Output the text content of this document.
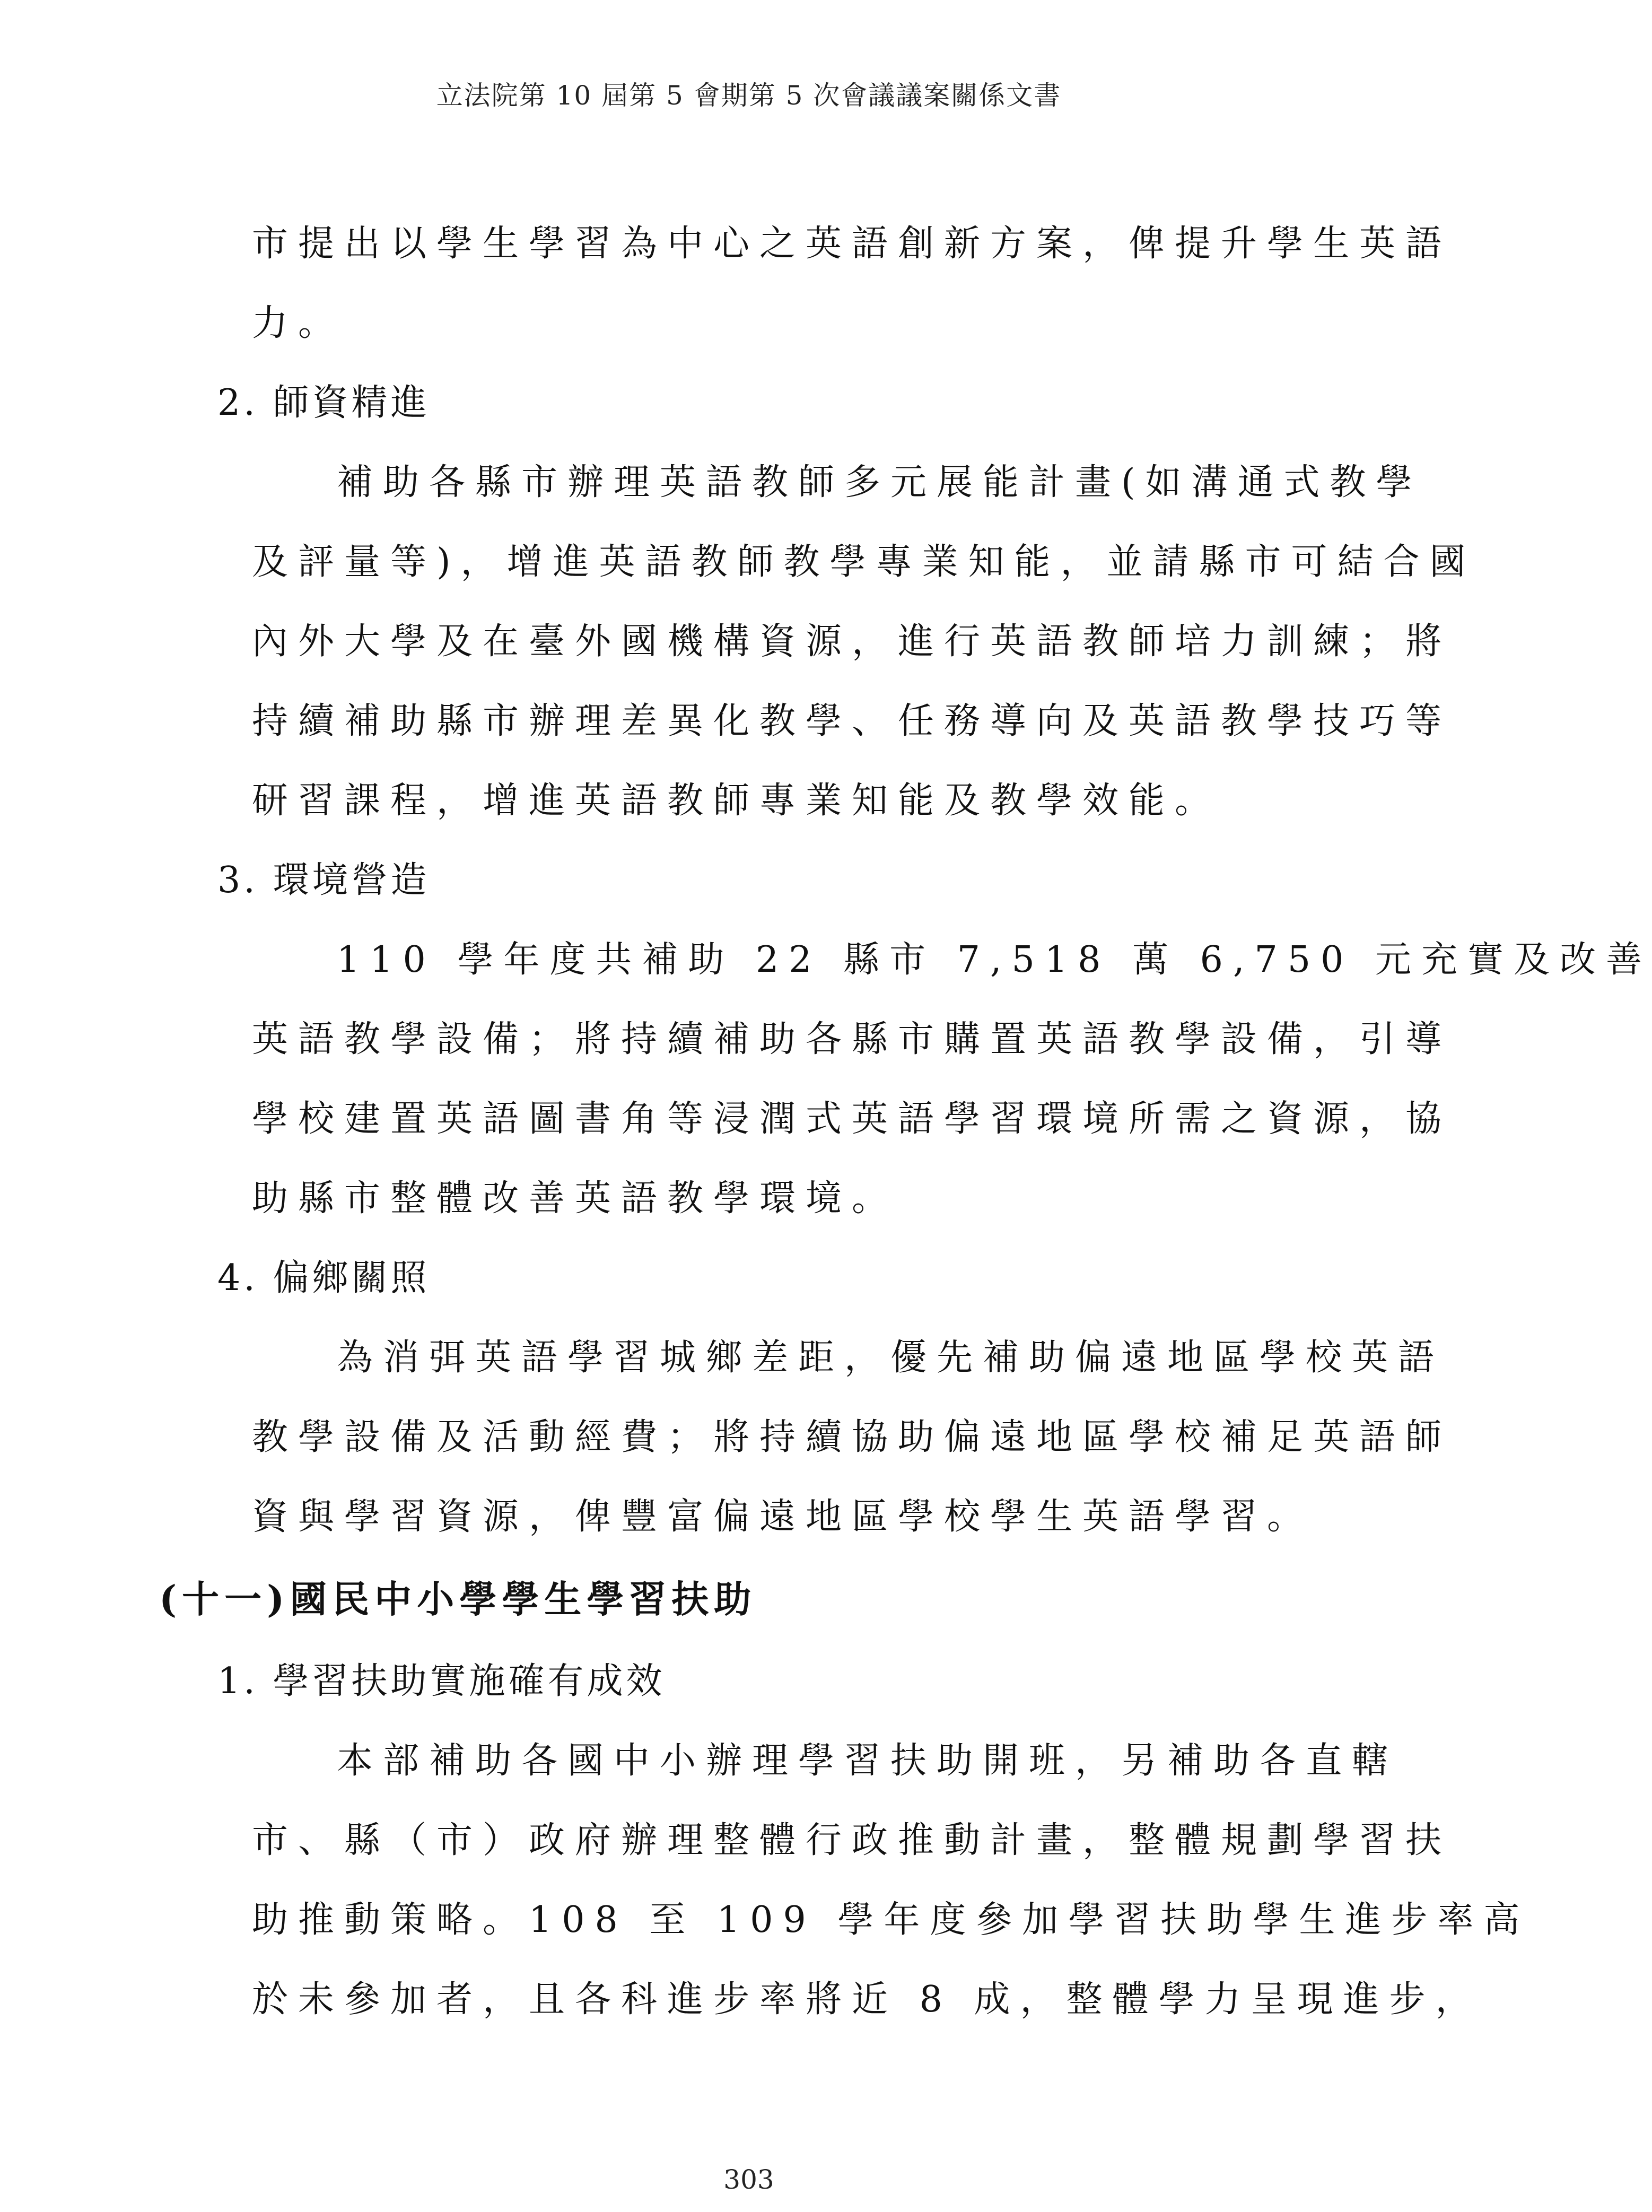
立法院第 10 屆第 5 會期第 5 次會議議案關係文書
市提出以學生學習為中心之英語創新方案，俾提升學生英語
力。
2. 師資精進
補助各縣市辦理英語教師多元展能計畫(如溝通式教學
及評量等)，增進英語教師教學專業知能，並請縣市可結合國
內外大學及在臺外國機構資源，進行英語教師培力訓練；將
持續補助縣市辦理差異化教學、任務導向及英語教學技巧等
研習課程，增進英語教師專業知能及教學效能。
3. 環境營造
110 學年度共補助 22 縣市 7,518 萬 6,750 元充實及改善
英語教學設備；將持續補助各縣市購置英語教學設備，引導
學校建置英語圖書角等浸潤式英語學習環境所需之資源，協
助縣市整體改善英語教學環境。
4. 偏鄉關照
為消弭英語學習城鄉差距，優先補助偏遠地區學校英語
教學設備及活動經費；將持續協助偏遠地區學校補足英語師
資與學習資源，俾豐富偏遠地區學校學生英語學習。
(十一)國民中小學學生學習扶助
1. 學習扶助實施確有成效
本部補助各國中小辦理學習扶助開班，另補助各直轄
市、縣（市）政府辦理整體行政推動計畫，整體規劃學習扶
助推動策略。108 至 109 學年度參加學習扶助學生進步率高
於未參加者，且各科進步率將近 8 成，整體學力呈現進步，
303
